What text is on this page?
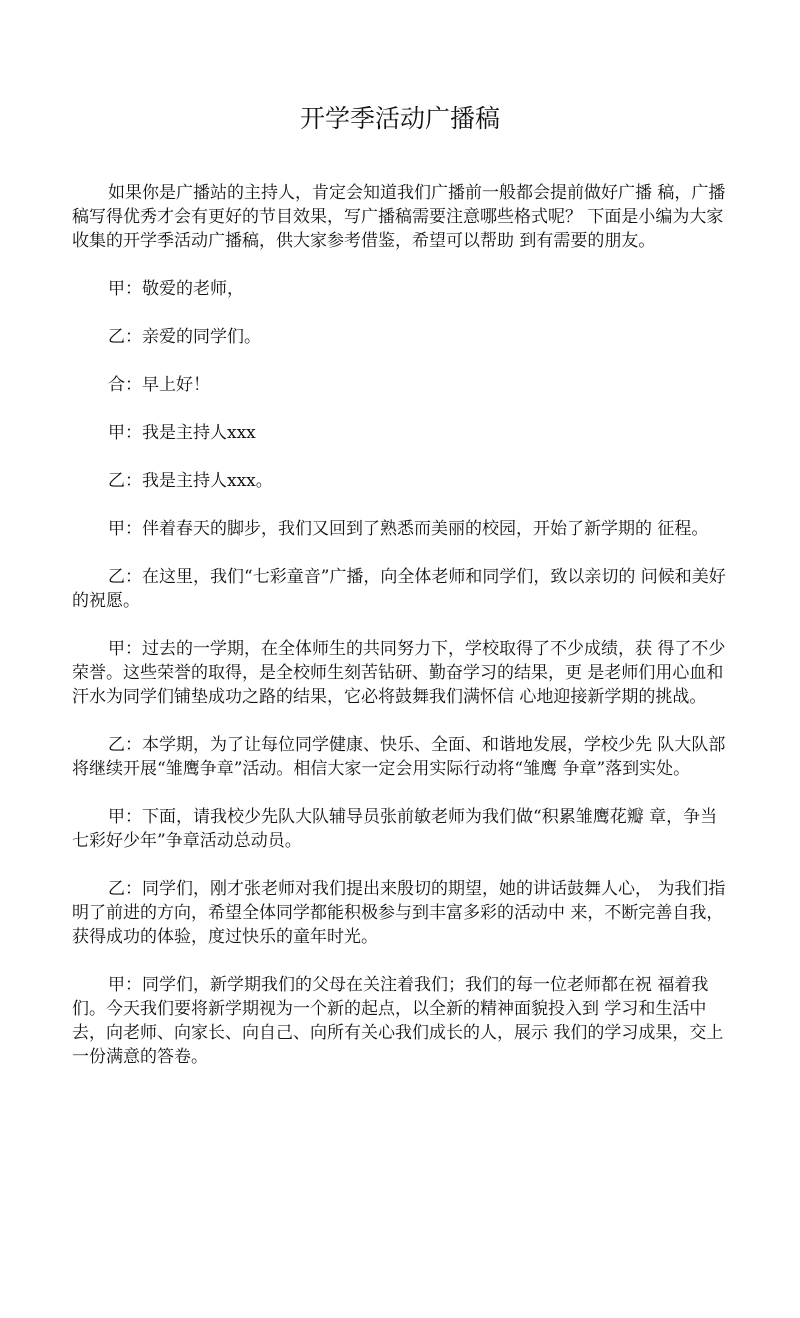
开学季活动广播稿

如果你是广播站的主持人，肯定会知道我们广播前一般都会提前做好广播 稿，广播稿写得优秀才会有更好的节目效果，写广播稿需要注意哪些格式呢？ 下面是小编为大家收集的开学季活动广播稿，供大家参考借鉴，希望可以帮助 到有需要的朋友。

甲：敬爱的老师，

乙：亲爱的同学们。

合：早上好！

甲：我是主持人xxx

乙：我是主持人xxx。

甲：伴着春天的脚步，我们又回到了熟悉而美丽的校园，开始了新学期的 征程。

乙：在这里，我们“七彩童音”广播，向全体老师和同学们，致以亲切的 问候和美好的祝愿。

甲：过去的一学期，在全体师生的共同努力下，学校取得了不少成绩，获 得了不少荣誉。这些荣誉的取得，是全校师生刻苦钻研、勤奋学习的结果，更 是老师们用心血和汗水为同学们铺垫成功之路的结果，它必将鼓舞我们满怀信 心地迎接新学期的挑战。

乙：本学期，为了让每位同学健康、快乐、全面、和谐地发展，学校少先 队大队部将继续开展“雏鹰争章”活动。相信大家一定会用实际行动将“雏鹰 争章”落到实处。

甲：下面，请我校少先队大队辅导员张前敏老师为我们做“积累雏鹰花瓣 章，争当七彩好少年”争章活动总动员。

乙：同学们，刚才张老师对我们提出来殷切的期望，她的讲话鼓舞人心， 为我们指明了前进的方向，希望全体同学都能积极参与到丰富多彩的活动中 来，不断完善自我，获得成功的体验，度过快乐的童年时光。

甲：同学们，新学期我们的父母在关注着我们；我们的每一位老师都在祝 福着我们。今天我们要将新学期视为一个新的起点，以全新的精神面貌投入到 学习和生活中去，向老师、向家长、向自己、向所有关心我们成长的人，展示 我们的学习成果，交上一份满意的答卷。
